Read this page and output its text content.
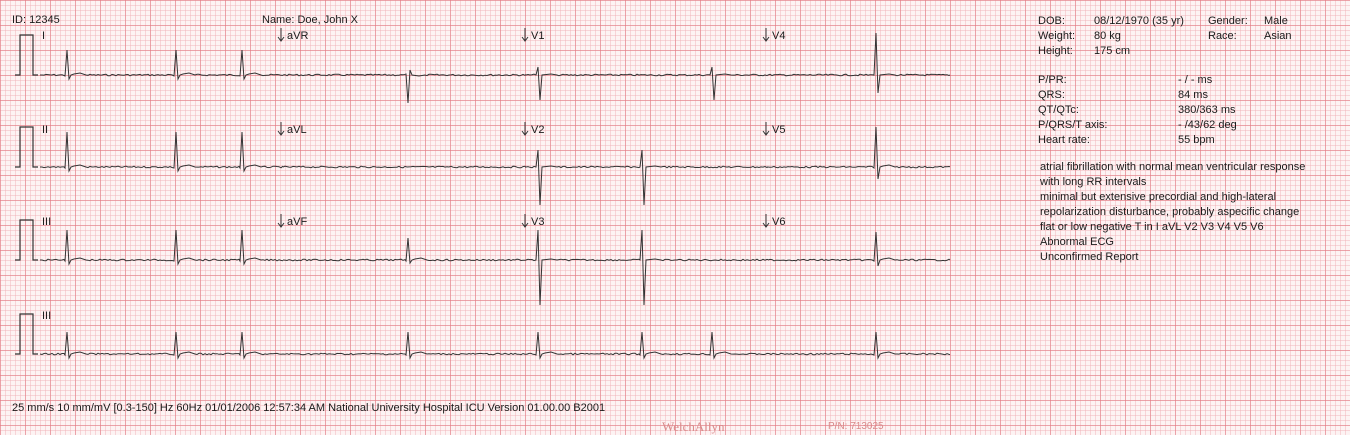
ID: 12345	Name: Doe, John X
I	aVR	V1	V4
II	aVL	V2	V5
III	aVF	V3	V6
III
DOB:	08/12/1970 (35 yr) Gender: Male
Weight: 80 kg	Race: Asian
Height: 175 cm
P/PR:	- / - ms
QRS:	84 ms
QT/QTc:	380/363 ms
P/QRS/T axis:	- /43/62 deg
Heart rate:	55 bpm
atrial fibrillation with normal mean ventricular response
with long RR intervals
minimal but extensive precordial and high-lateral
repolarization disturbance, probably aspecific change
flat or low negative T in I aVL V2 V3 V4 V5 V6
Abnormal ECG
Unconfirmed Report
25 mm/s 10 mm/mV [0.3-150] Hz 60Hz 01/01/2006 12:57:34 AM National University Hospital ICU Version 01.00.00 B2001
WelchAllyn	P/N: 713025
